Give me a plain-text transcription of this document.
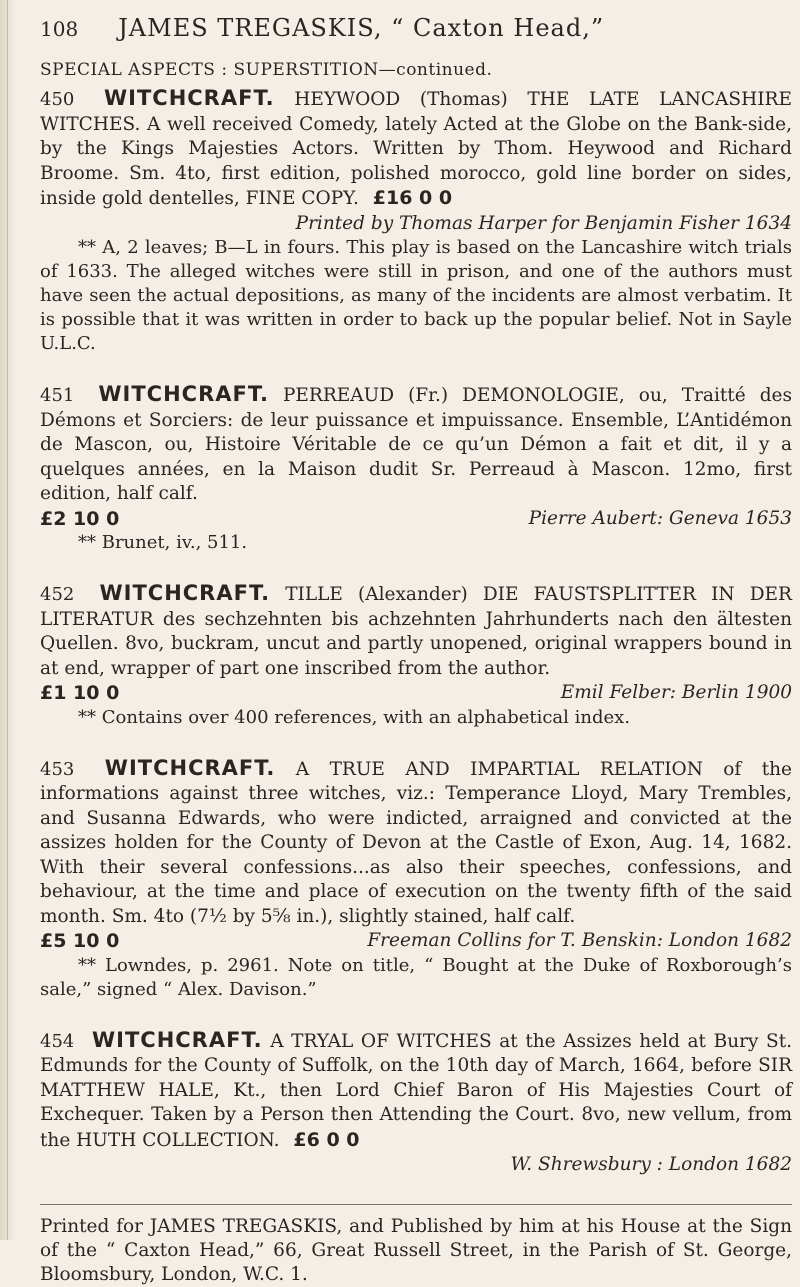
108 JAMES TREGASKIS, “ Caxton Head,”
SPECIAL ASPECTS : SUPERSTITION—continued.
450 WITCHCRAFT. HEYWOOD (Thomas) THE LATE LANCASHIRE WITCHES. A well received Comedy, lately Acted at the Globe on the Bank-side, by the Kings Majesties Actors. Written by Thom. Heywood and Richard Broome. Sm. 4to, first edition, polished morocco, gold line border on sides, inside gold dentelles, FINE COPY. £16 0 0
Printed by Thomas Harper for Benjamin Fisher 1634
** A, 2 leaves; B—L in fours. This play is based on the Lancashire witch trials of 1633. The alleged witches were still in prison, and one of the authors must have seen the actual depositions, as many of the incidents are almost verbatim. It is possible that it was written in order to back up the popular belief. Not in Sayle U.L.C.
451 WITCHCRAFT. PERREAUD (Fr.) DEMONOLOGIE, ou, Traitté des Démons et Sorciers: de leur puissance et impuissance. Ensemble, L’Antidémon de Mascon, ou, Histoire Véritable de ce qu’un Démon a fait et dit, il y a quelques années, en la Maison dudit Sr. Perreaud à Mascon. 12mo, first edition, half calf.
£2 10 0	Pierre Aubert: Geneva 1653
** Brunet, iv., 511.
452 WITCHCRAFT. TILLE (Alexander) DIE FAUSTSPLITTER IN DER LITERATUR des sechzehnten bis achzehnten Jahrhunderts nach den ältesten Quellen. 8vo, buckram, uncut and partly unopened, original wrappers bound in at end, wrapper of part one inscribed from the author.
£1 10 0	Emil Felber: Berlin 1900
** Contains over 400 references, with an alphabetical index.
453 WITCHCRAFT. A TRUE AND IMPARTIAL RELATION of the informations against three witches, viz.: Temperance Lloyd, Mary Trembles, and Susanna Edwards, who were indicted, arraigned and convicted at the assizes holden for the County of Devon at the Castle of Exon, Aug. 14, 1682. With their several confessions...as also their speeches, confessions, and behaviour, at the time and place of execution on the twenty fifth of the said month. Sm. 4to (7½ by 5⅝ in.), slightly stained, half calf.
£5 10 0	Freeman Collins for T. Benskin: London 1682
** Lowndes, p. 2961. Note on title, “ Bought at the Duke of Roxborough’s sale,” signed “ Alex. Davison.”
454 WITCHCRAFT. A TRYAL OF WITCHES at the Assizes held at Bury St. Edmunds for the County of Suffolk, on the 10th day of March, 1664, before SIR MATTHEW HALE, Kt., then Lord Chief Baron of His Majesties Court of Exchequer. Taken by a Person then Attending the Court. 8vo, new vellum, from the HUTH COLLECTION. £6 0 0
W. Shrewsbury : London 1682
Printed for JAMES TREGASKIS, and Published by him at his House at the Sign of the “ Caxton Head,” 66, Great Russell Street, in the Parish of St. George, Bloomsbury, London, W.C. 1.
